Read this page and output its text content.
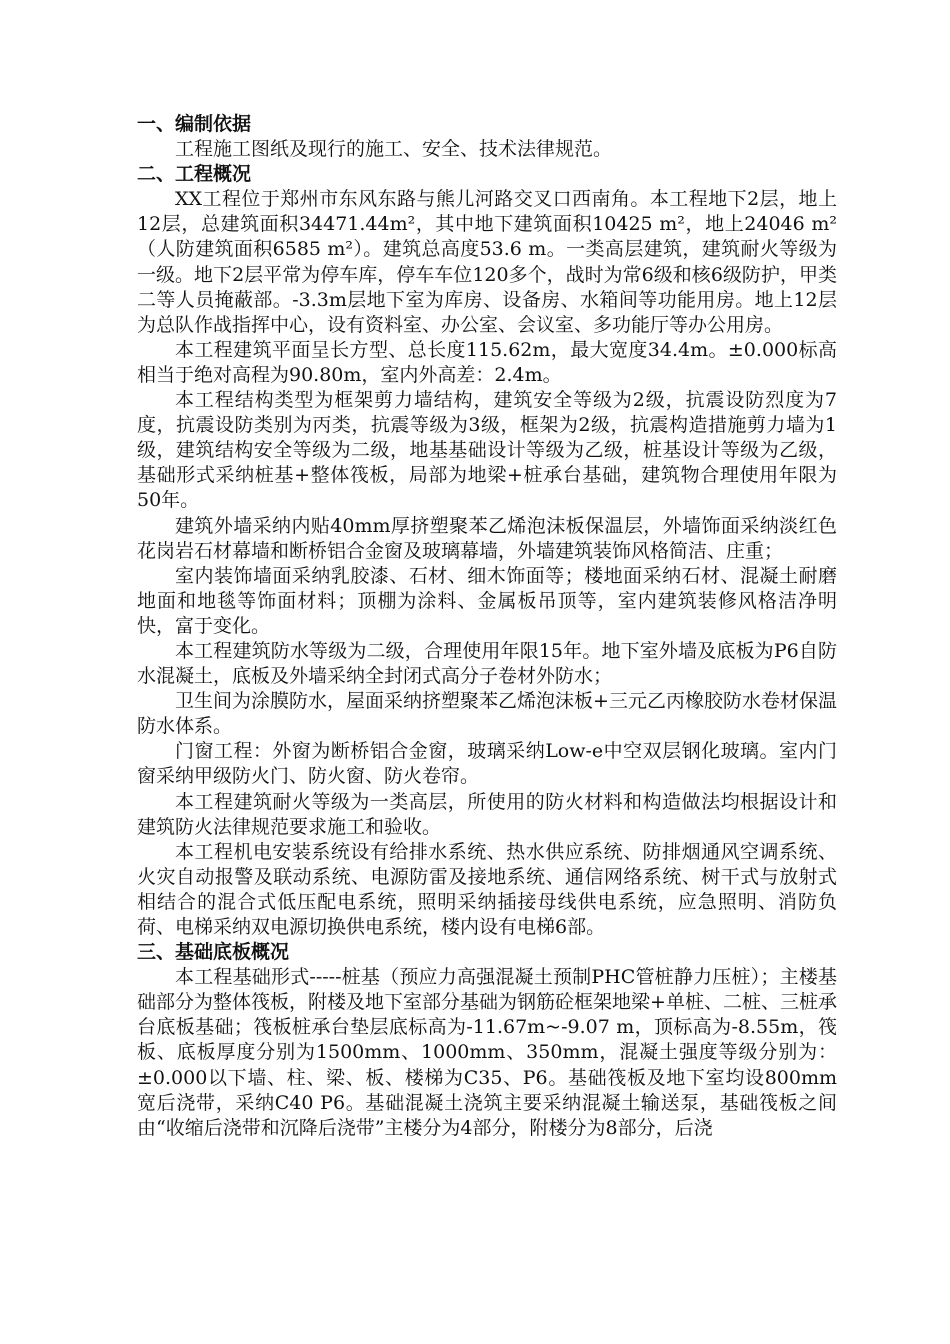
一、编制依据

工程施工图纸及现行的施工、安全、技术法律规范。

二、工程概况

XX工程位于郑州市东风东路与熊儿河路交叉口西南角。本工程地下2层，地上12层，总建筑面积34471.44m²，其中地下建筑面积10425 m²，地上24046 m² （人防建筑面积6585 m²）。建筑总高度53.6 m。一类高层建筑，建筑耐火等级为一级。地下2层平常为停车库，停车车位120多个，战时为常6级和核6级防护，甲类二等人员掩蔽部。-3.3m层地下室为库房、设备房、水箱间等功能用房。地上12层为总队作战指挥中心，设有资料室、办公室、会议室、多功能厅等办公用房。

本工程建筑平面呈长方型、总长度115.62m，最大宽度34.4m。±0.000标高相当于绝对高程为90.80m，室内外高差：2.4m。

本工程结构类型为框架剪力墙结构，建筑安全等级为2级，抗震设防烈度为7度，抗震设防类别为丙类，抗震等级为3级，框架为2级，抗震构造措施剪力墙为1级，建筑结构安全等级为二级，地基基础设计等级为乙级，桩基设计等级为乙级，基础形式采纳桩基+整体筏板，局部为地梁+桩承台基础，建筑物合理使用年限为50年。

建筑外墙采纳内贴40mm厚挤塑聚苯乙烯泡沫板保温层，外墙饰面采纳淡红色花岗岩石材幕墙和断桥铝合金窗及玻璃幕墙，外墙建筑装饰风格简洁、庄重；

室内装饰墙面采纳乳胶漆、石材、细木饰面等；楼地面采纳石材、混凝土耐磨地面和地毯等饰面材料；顶棚为涂料、金属板吊顶等，室内建筑装修风格洁净明快，富于变化。

本工程建筑防水等级为二级，合理使用年限15年。地下室外墙及底板为P6自防水混凝土，底板及外墙采纳全封闭式高分子卷材外防水；

卫生间为涂膜防水，屋面采纳挤塑聚苯乙烯泡沫板+三元乙丙橡胶防水卷材保温防水体系。

门窗工程：外窗为断桥铝合金窗，玻璃采纳Low-e中空双层钢化玻璃。室内门窗采纳甲级防火门、防火窗、防火卷帘。

本工程建筑耐火等级为一类高层，所使用的防火材料和构造做法均根据设计和建筑防火法律规范要求施工和验收。

本工程机电安装系统设有给排水系统、热水供应系统、防排烟通风空调系统、火灾自动报警及联动系统、电源防雷及接地系统、通信网络系统、树干式与放射式相结合的混合式低压配电系统，照明采纳插接母线供电系统，应急照明、消防负荷、电梯采纳双电源切换供电系统，楼内设有电梯6部。

三、基础底板概况

本工程基础形式-----桩基（预应力高强混凝土预制PHC管桩静力压桩）；主楼基础部分为整体筏板，附楼及地下室部分基础为钢筋砼框架地梁+单桩、二桩、三桩承台底板基础；筏板桩承台垫层底标高为-11.67m~-9.07 m，顶标高为-8.55m，筏板、底板厚度分别为1500mm、1000mm、350mm，混凝土强度等级分别为：±0.000以下墙、柱、梁、板、楼梯为C35、P6。基础筏板及地下室均设800mm宽后浇带，采纳C40 P6。基础混凝土浇筑主要采纳混凝土输送泵，基础筏板之间由“收缩后浇带和沉降后浇带”主楼分为4部分，附楼分为8部分，后浇
